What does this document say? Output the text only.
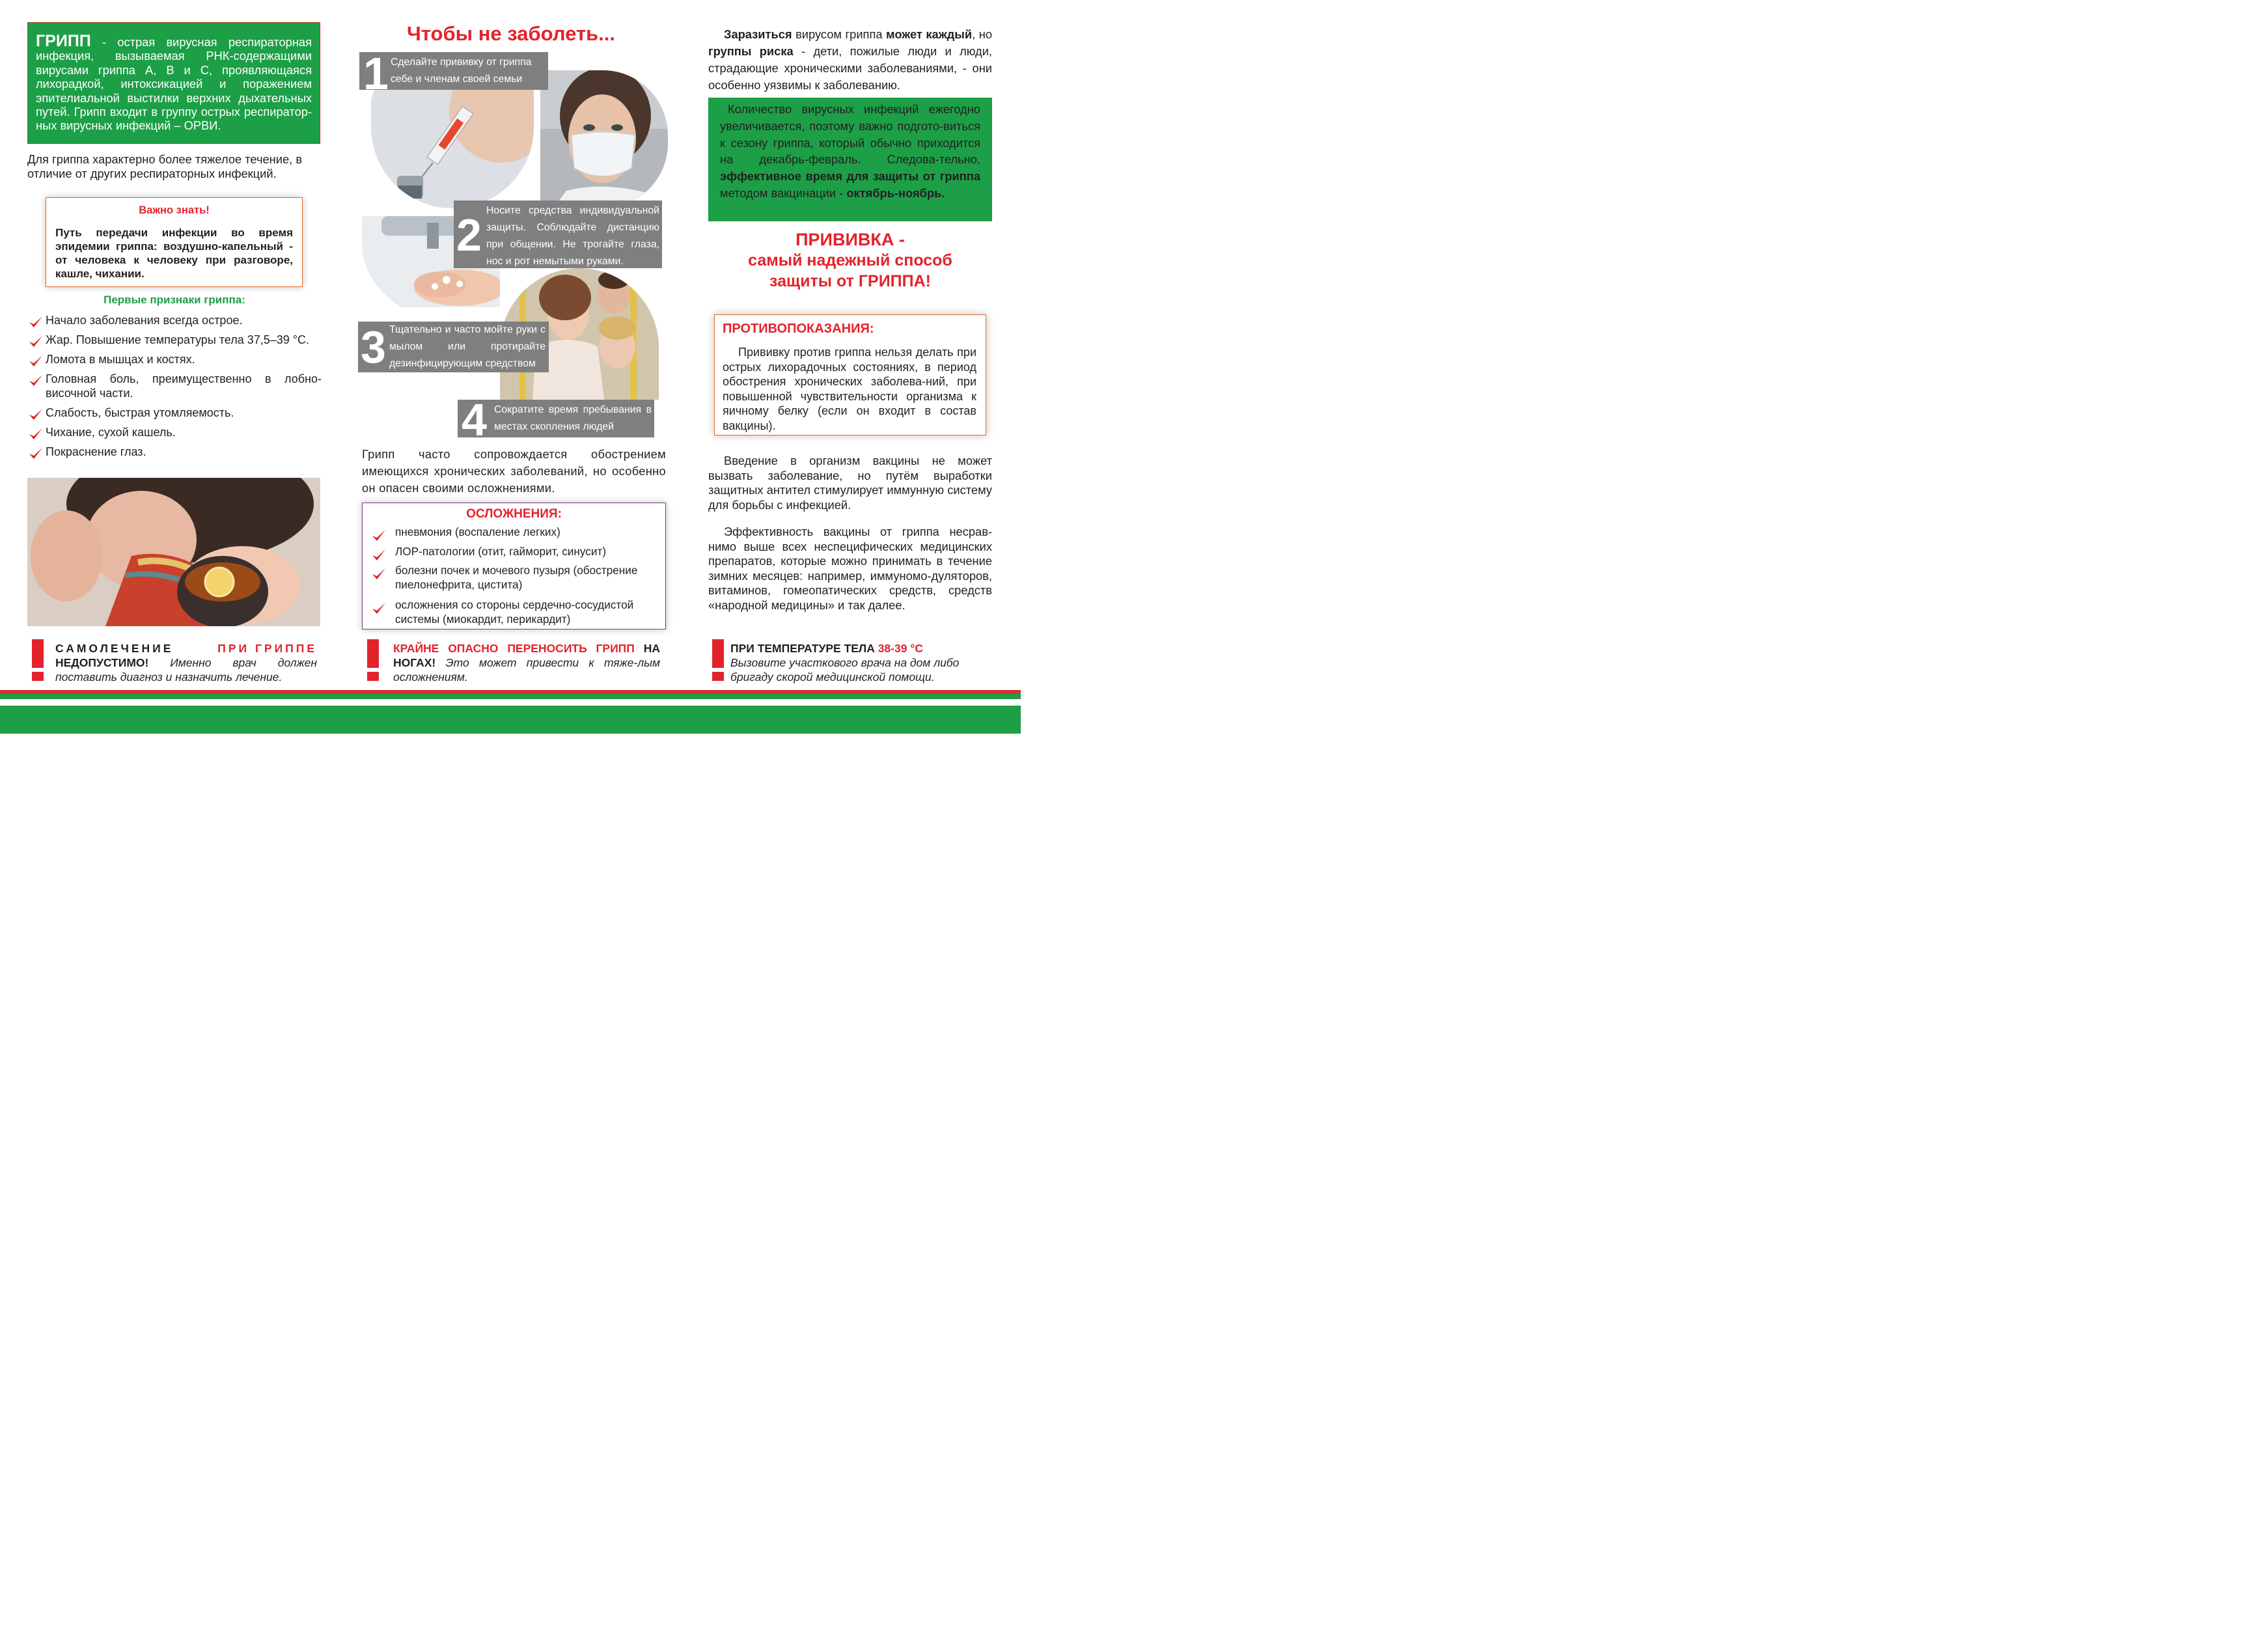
ГРИПП - острая вирусная респираторная инфекция, вызываемая РНК-содержащими вирусами гриппа А, В и С, проявляющаяся лихорадкой, интоксикацией и поражением эпителиальной выстилки верхних дыхательных путей. Грипп входит в группу острых респиратор-ных вирусных инфекций – ОРВИ.
Для гриппа характерно более тяжелое течение, в отличие от других респираторных инфекций.
Важно знать!
Путь передачи инфекции во время эпидемии гриппа: воздушно-капельный - от человека к человеку при разговоре, кашле, чихании.
Первые признаки гриппа:
Начало заболевания всегда острое.
Жар. Повышение температуры тела 37,5–39 °С.
Ломота в мышцах и костях.
Головная боль, преимущественно в лобно-височной части.
Слабость, быстрая утомляемость.
Чихание, сухой кашель.
Покраснение глаз.
Чтобы не заболеть...
1 Сделайте прививку от гриппа себе и членам своей семьи
2 Носите средства индивидуальной защиты. Соблюдайте дистанцию при общении. Не трогайте глаза, нос и рот немытыми руками.
3 Тщательно и часто мойте руки с мылом или протирайте дезинфицирующим средством
4 Сократите время пребывания в местах скопления людей
Грипп часто сопровождается обострением имеющихся хронических заболеваний, но особенно он опасен своими осложнениями.
ОСЛОЖНЕНИЯ:
пневмония (воспаление легких)
ЛОР-патологии (отит, гайморит, синусит)
болезни почек и мочевого пузыря (обострение пиелонефрита, цистита)
осложнения со стороны сердечно-сосудистой системы (миокардит, перикардит)
Заразиться вирусом гриппа может каждый, но группы риска - дети, пожилые люди и люди, страдающие хроническими заболеваниями, - они особенно уязвимы к заболеванию.
Количество вирусных инфекций ежегодно увеличивается, поэтому важно подгото-виться к сезону гриппа, который обычно приходится на декабрь-февраль. Следова-тельно, эффективное время для защиты от гриппа методом вакцинации - октябрь-ноябрь.
ПРИВИВКА -
самый надежный способ
защиты от ГРИППА!
ПРОТИВОПОКАЗАНИЯ:
Прививку против гриппа нельзя делать при острых лихорадочных состояниях, в период обострения хронических заболева-ний, при повышенной чувствительности организма к яичному белку (если он входит в состав вакцины).
Введение в организм вакцины не может вызвать заболевание, но путём выработки защитных антител стимулирует иммунную систему для борьбы с инфекцией.
Эффективность вакцины от гриппа несрав-нимо выше всех неспецифических медицинских препаратов, которые можно принимать в течение зимних месяцев: например, иммуномо-дуляторов, витаминов, гомеопатических средств, средств «народной медицины» и так далее.
САМОЛЕЧЕНИЕ	ПРИ ГРИППЕ
НЕДОПУСТИМО! Именно врач должен поставить диагноз и назначить лечение.
КРАЙНЕ ОПАСНО ПЕРЕНОСИТЬ ГРИПП НА НОГАХ! Это может привести к тяже-лым осложнениям.
ПРИ ТЕМПЕРАТУРЕ ТЕЛА 38-39 °С
Вызовите участкового врача на дом либо бригаду скорой медицинской помощи.
